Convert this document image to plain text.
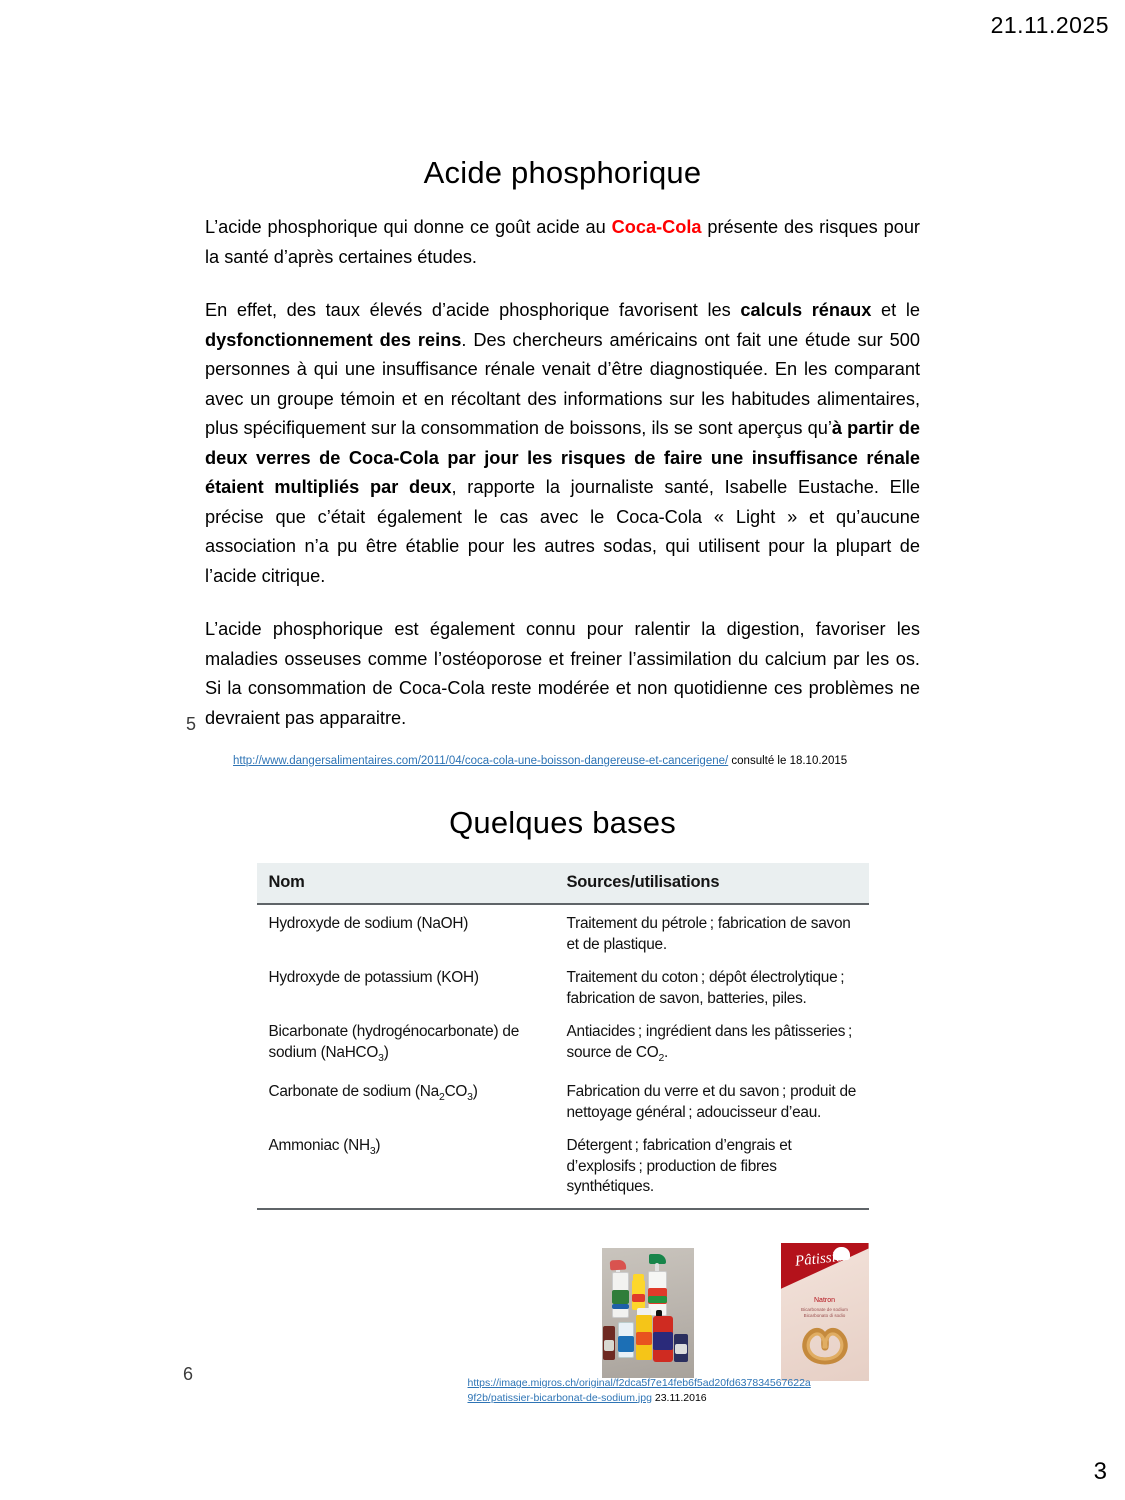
21.11.2025
Acide phosphorique

L’acide phosphorique qui donne ce goût acide au Coca-Cola présente des risques pour la santé d’après certaines études.

En effet, des taux élevés d’acide phosphorique favorisent les calculs rénaux et le dysfonctionnement des reins. Des chercheurs américains ont fait une étude sur 500 personnes à qui une insuffisance rénale venait d’être diagnostiquée. En les comparant avec un groupe témoin et en récoltant des informations sur les habitudes alimentaires, plus spécifiquement sur la consommation de boissons, ils se sont aperçus qu’à partir de deux verres de Coca-Cola par jour les risques de faire une insuffisance rénale étaient multipliés par deux, rapporte la journaliste santé, Isabelle Eustache. Elle précise que c’était également le cas avec le Coca-Cola « Light » et qu’aucune association n’a pu être établie pour les autres sodas, qui utilisent pour la plupart de l’acide citrique.

L’acide phosphorique est également connu pour ralentir la digestion, favoriser les maladies osseuses comme l’ostéoporose et freiner l’assimilation du calcium par les os. Si la consommation de Coca-Cola reste modérée et non quotidienne ces problèmes ne devraient pas apparaitre.

http://www.dangersalimentaires.com/2011/04/coca-cola-une-boisson-dangereuse-et-cancerigene/ consulté le 18.10.2015
5
Quelques bases
Nom	Sources/utilisations
Hydroxyde de sodium (NaOH)	Traitement du pétrole ; fabrication de savon et de plastique.
Hydroxyde de potassium (KOH)	Traitement du coton ; dépôt électrolytique ; fabrication de savon, batteries, piles.
Bicarbonate (hydrogénocarbonate) de sodium (NaHCO$_3$)	Antiacides ; ingrédient dans les pâtisseries ; source de $CO_2$.
Carbonate de sodium $(Na_2CO_3)$	Fabrication du verre et du savon ; produit de nettoyage général ; adoucisseur d’eau.
Ammoniac $(NH_3)$	Détergent ; fabrication d’engrais et d’explosifs ; production de fibres synthétiques.
Pâtissier
Natron
Bicarbonate de sodium
Bicarbonato di sodio
https://image.migros.ch/original/f2dca5f7e14feb6f5ad20fd637834567622a
9f2b/patissier-bicarbonat-de-sodium.jpg 23.11.2016
6
3
